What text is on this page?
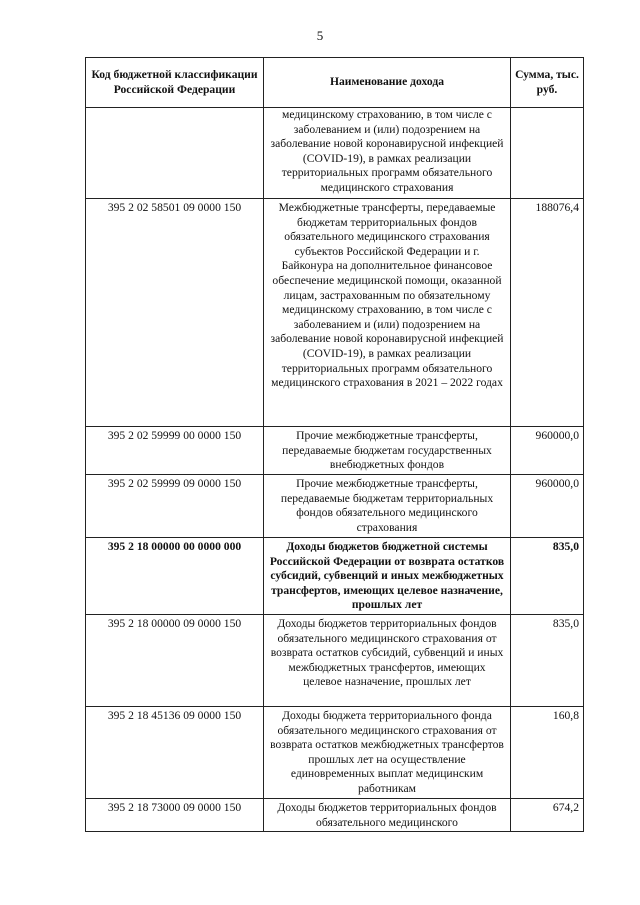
5
Код бюджетной классификации Российской Федерации	Наименование дохода	Сумма, тыс. руб.
	медицинскому страхованию, в том числе с заболеванием и (или) подозрением на заболевание новой коронавирусной инфекцией (COVID-19), в рамках реализации территориальных программ обязательного медицинского страхования	
395 2 02 58501 09 0000 150	Межбюджетные трансферты, передаваемые бюджетам территориальных фондов обязательного медицинского страхования субъектов Российской Федерации и г. Байконура на дополнительное финансовое обеспечение медицинской помощи, оказанной лицам, застрахованным по обязательному медицинскому страхованию, в том числе с заболеванием и (или) подозрением на заболевание новой коронавирусной инфекцией (COVID-19), в рамках реализации территориальных программ обязательного медицинского страхования в 2021 – 2022 годах	188076,4
395 2 02 59999 00 0000 150	Прочие межбюджетные трансферты, передаваемые бюджетам государственных внебюджетных фондов	960000,0
395 2 02 59999 09 0000 150	Прочие межбюджетные трансферты, передаваемые бюджетам территориальных фондов обязательного медицинского страхования	960000,0
395 2 18 00000 00 0000 000	Доходы бюджетов бюджетной системы Российской Федерации от возврата остатков субсидий, субвенций и иных межбюджетных трансфертов, имеющих целевое назначение, прошлых лет	835,0
395 2 18 00000 09 0000 150	Доходы бюджетов территориальных фондов обязательного медицинского страхования от возврата остатков субсидий, субвенций и иных межбюджетных трансфертов, имеющих целевое назначение, прошлых лет	835,0
395 2 18 45136 09 0000 150	Доходы бюджета территориального фонда обязательного медицинского страхования от возврата остатков межбюджетных трансфертов прошлых лет на осуществление единовременных выплат медицинским работникам	160,8
395 2 18 73000 09 0000 150	Доходы бюджетов территориальных фондов обязательного медицинского	674,2
